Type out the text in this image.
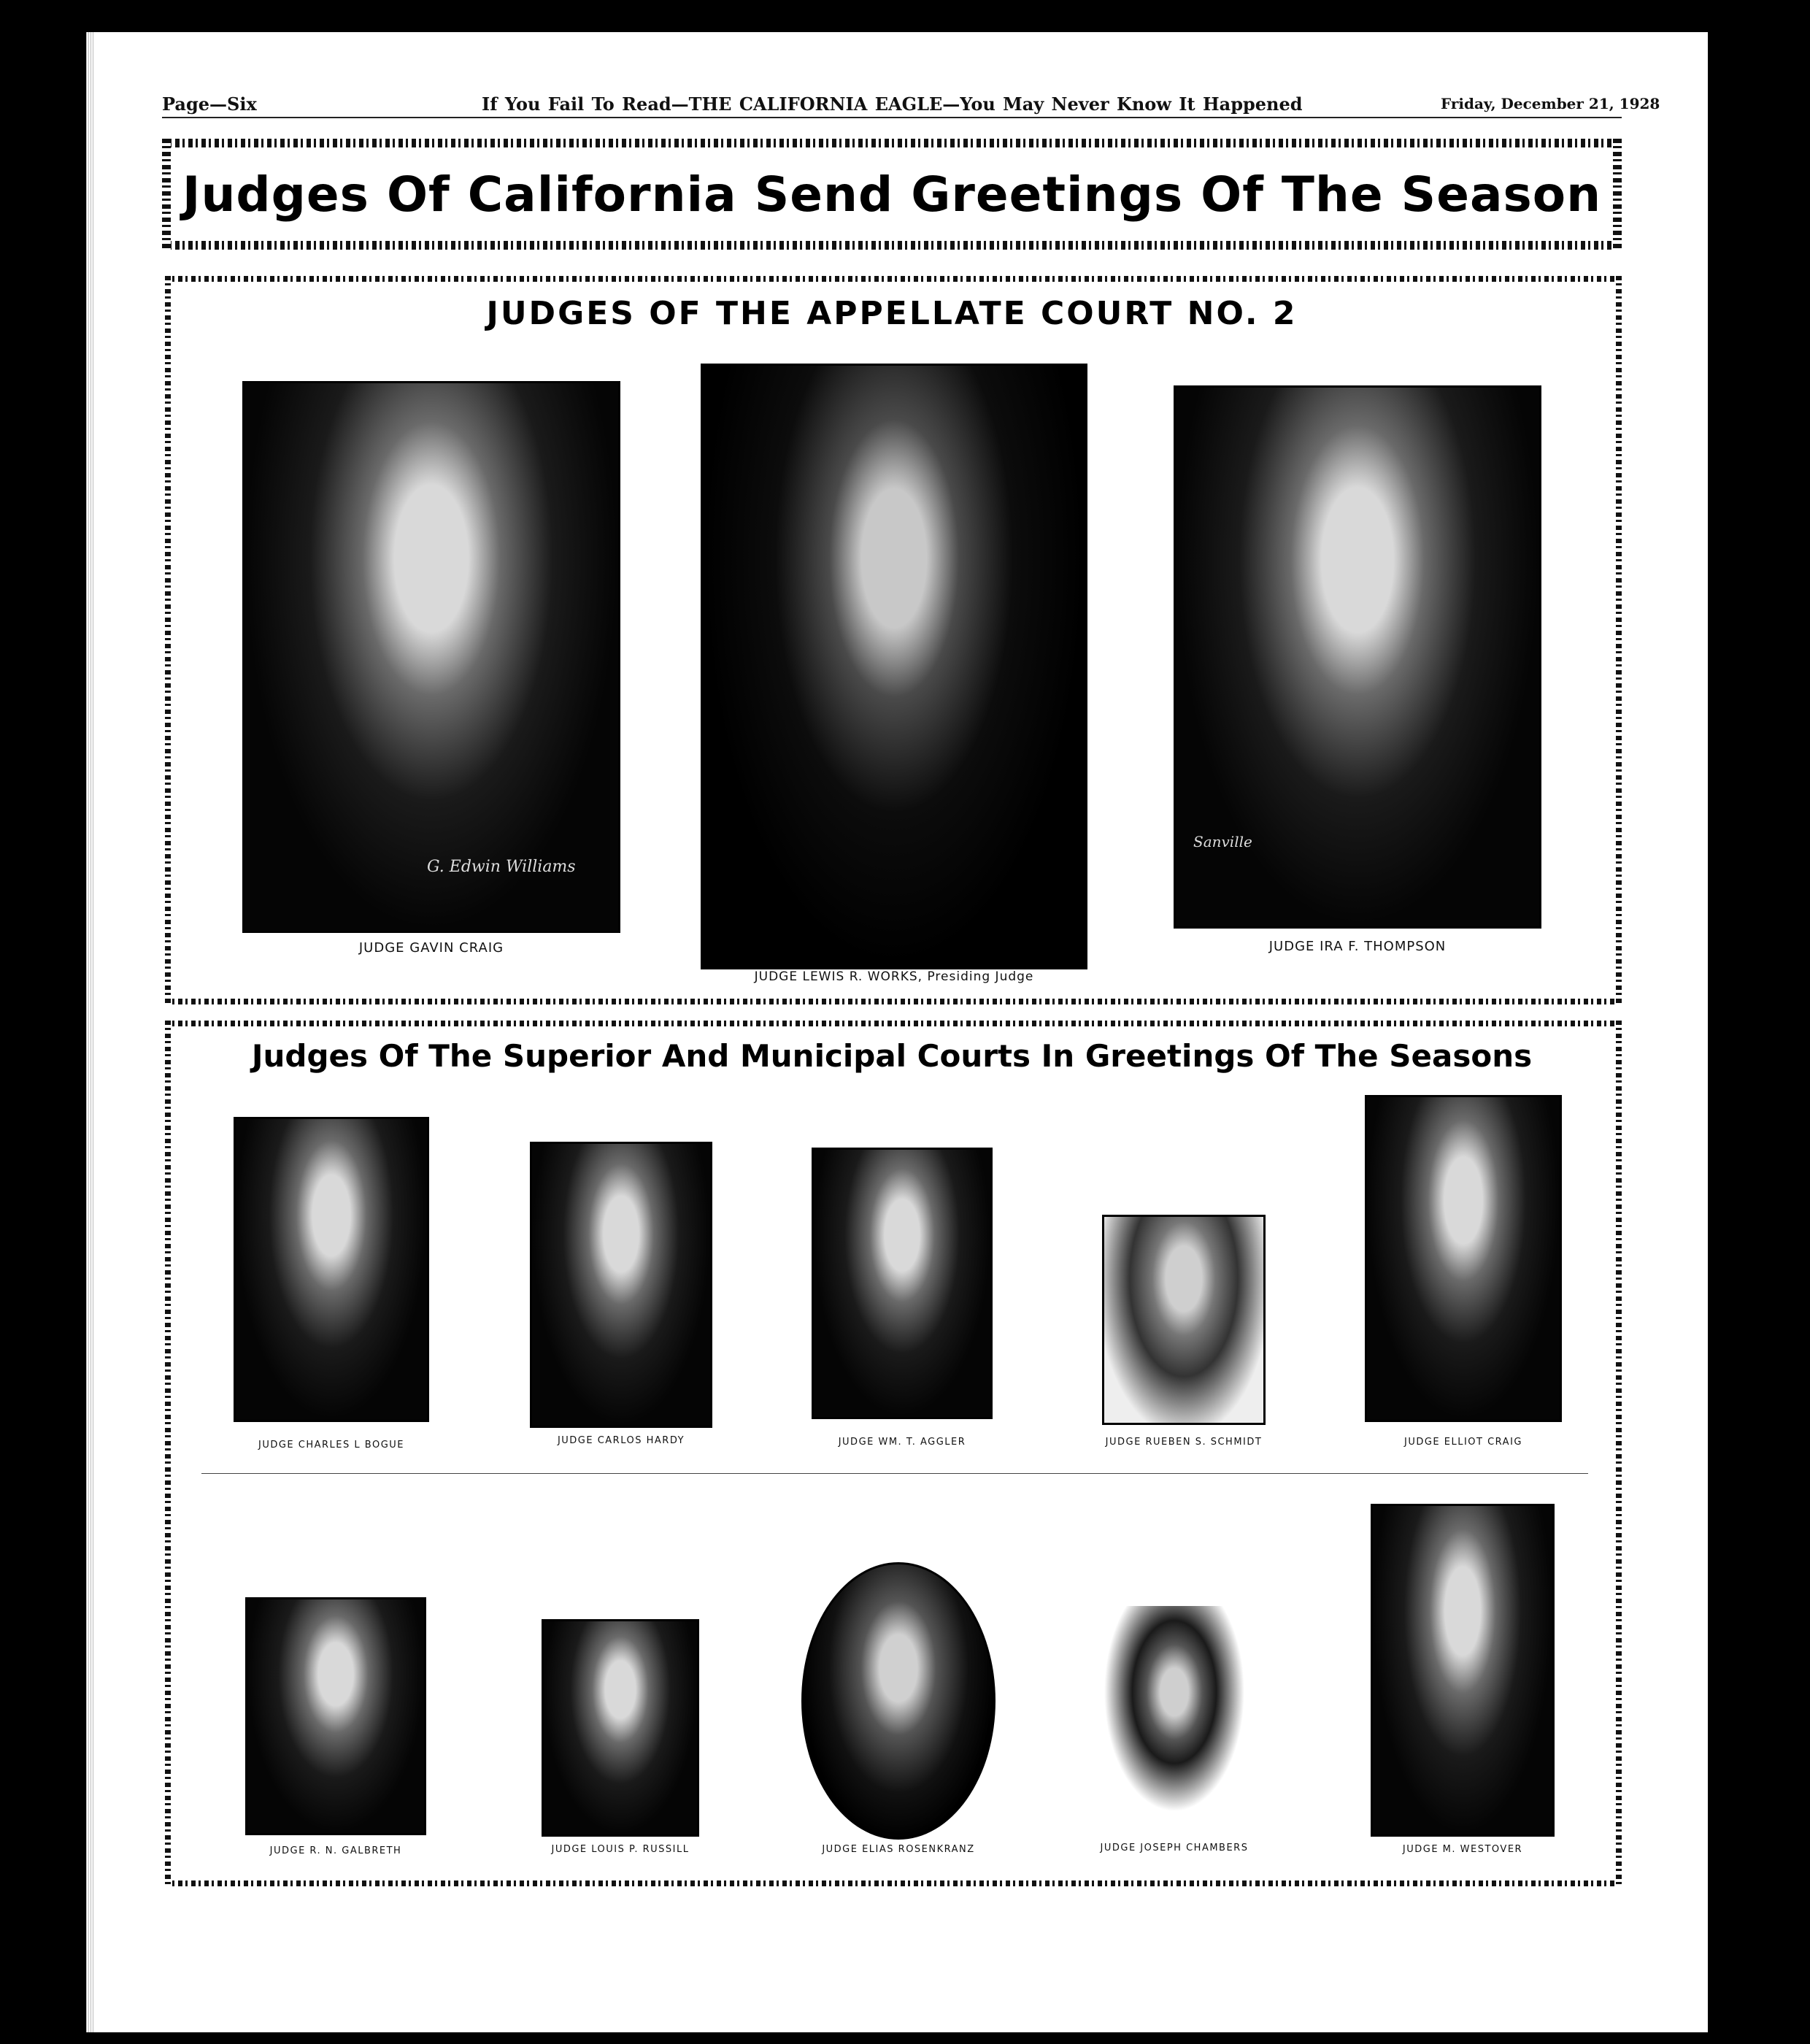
Page—Six	If You Fail To Read—THE CALIFORNIA EAGLE—You May Never Know It Happened	Friday, December 21, 1928
Judges Of California Send Greetings Of The Season
JUDGES OF THE APPELLATE COURT NO. 2
G. Edwin Williams
Sanville
JUDGE GAVIN CRAIG
JUDGE LEWIS R. WORKS, Presiding Judge
JUDGE IRA F. THOMPSON
Judges Of The Superior And Municipal Courts In Greetings Of The Seasons
JUDGE CHARLES L BOGUE	JUDGE CARLOS HARDY	JUDGE WM. T. AGGLER	JUDGE RUEBEN S. SCHMIDT	JUDGE ELLIOT CRAIG
JUDGE R. N. GALBRETH	JUDGE LOUIS P. RUSSILL	JUDGE ELIAS ROSENKRANZ	JUDGE JOSEPH CHAMBERS	JUDGE M. WESTOVER
